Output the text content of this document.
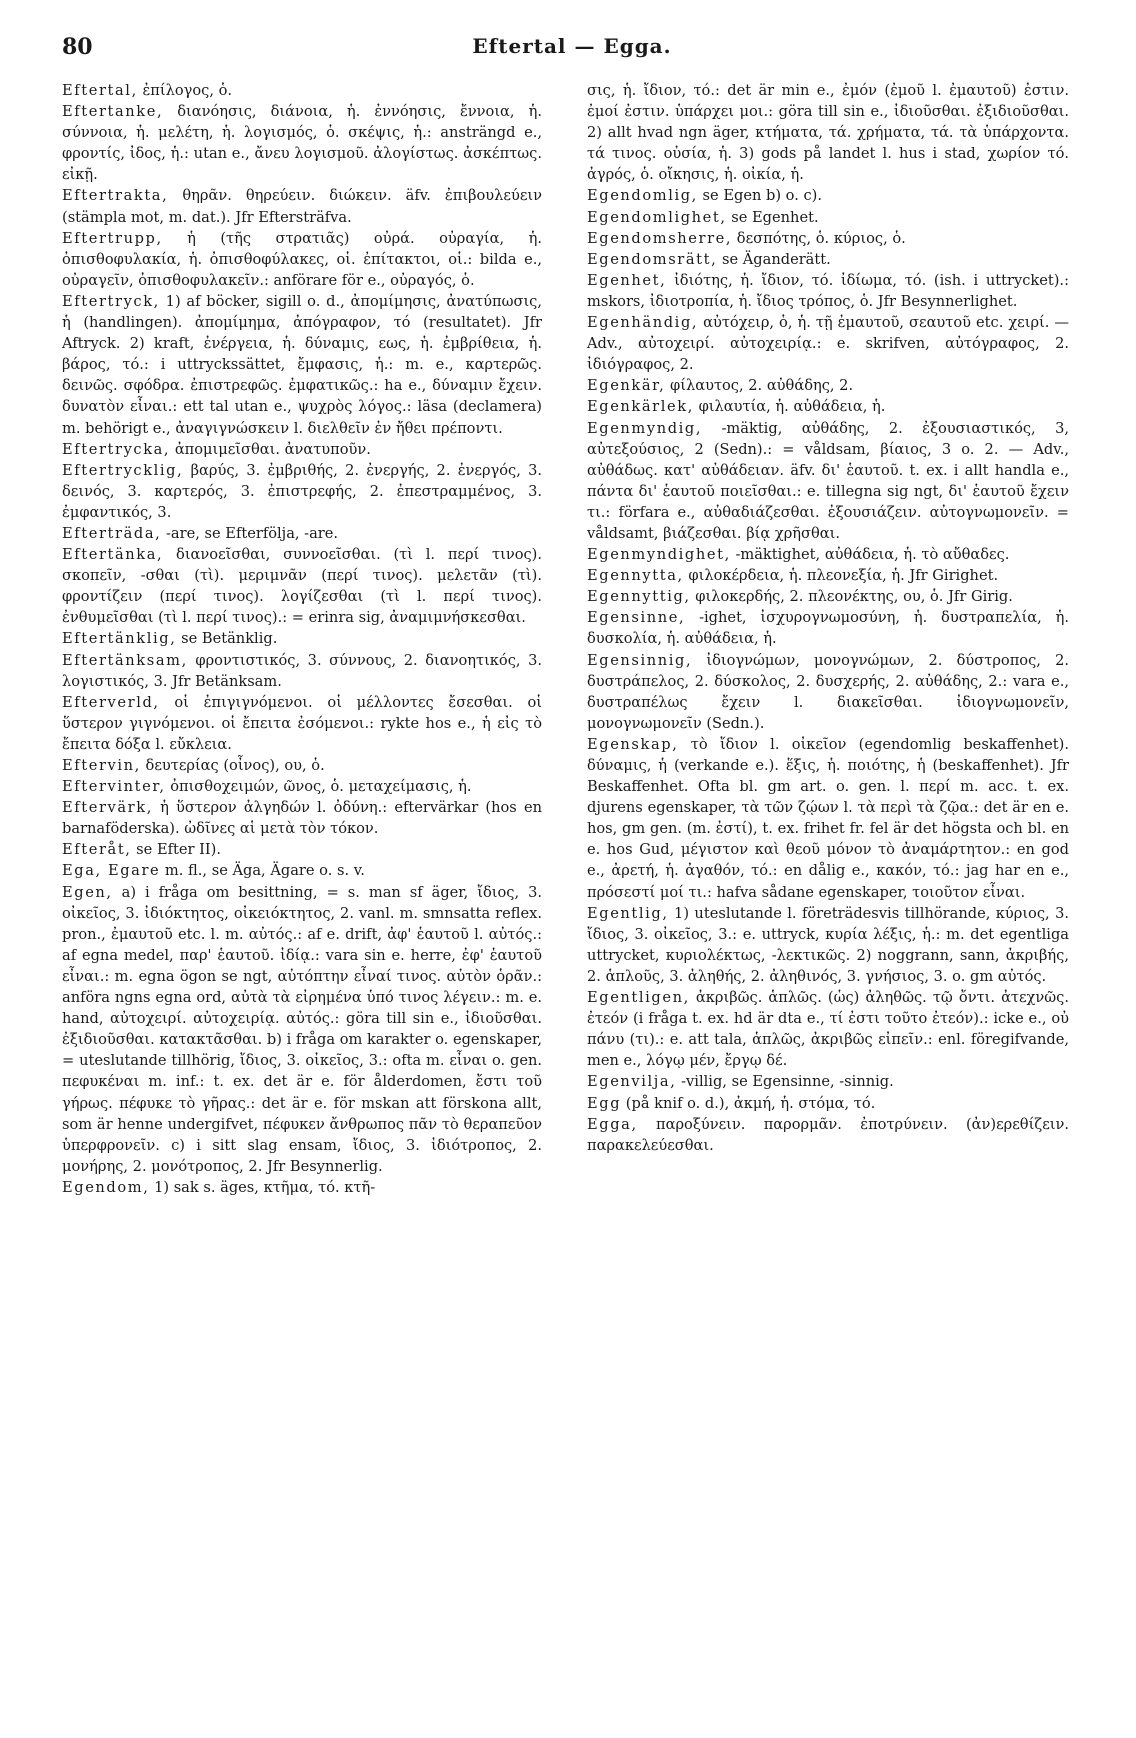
80	Eftertal — Egga.

Eftertal, ἐπίλογος, ὁ.

Eftertanke, διανόησις, διάνοια, ἡ. ἐννόησις, ἔννοια, ἡ. σύννοια, ἡ. μελέτη, ἡ. λογισμός, ὁ. σκέψις, ἡ.: ansträngd e., φροντίς, ἰδος, ἡ.: utan e., ἄνευ λογισμοῦ. ἀλογίστως. ἀσκέπτως. εἰκῇ.

Eftertrakta, θηρᾶν. θηρεύειν. διώκειν. äfv. ἐπιβουλεύειν (stämpla mot, m. dat.). Jfr Eftersträfva.

Eftertrupp, ἡ (τῆς στρατιᾶς) οὐρά. οὐραγία, ἡ. ὀπισθοφυλακία, ἡ. ὀπισθοφύλακες, οἱ. ἐπίτακτοι, οἱ.: bilda e., οὐραγεῖν, ὀπισθοφυλακεῖν.: anförare för e., οὐραγός, ὁ.

Eftertryck, 1) af böcker, sigill o. d., ἀπομίμησις, ἀνατύπωσις, ἡ (handlingen). ἀπομίμημα, ἀπόγραφον, τό (resultatet). Jfr Aftryck. 2) kraft, ἐνέργεια, ἡ. δύναμις, εως, ἡ. ἐμβρίθεια, ἡ. βάρος, τό.: i uttryckssättet, ἔμφασις, ἡ.: m. e., καρτερῶς. δεινῶς. σφόδρα. ἐπιστρεφῶς. ἐμφατικῶς.: ha e., δύναμιν ἔχειν. δυνατὸν εἶναι.: ett tal utan e., ψυχρὸς λόγος.: läsa (declamera) m. behörigt e., ἀναγιγνώσκειν l. διελθεῖν ἐν ἤθει πρέποντι.

Eftertrycka, ἀπομιμεῖσθαι. ἀνατυποῦν.

Eftertrycklig, βαρύς, 3. ἐμβριθής, 2. ἐνεργής, 2. ἐνεργός, 3. δεινός, 3. καρτερός, 3. ἐπιστρεφής, 2. ἐπεστραμμένος, 3. ἐμφαντικός, 3.

Efterträda, -are, se Efterfölja, -are.

Eftertänka, διανοεῖσθαι, συννοεῖσθαι. (τὶ l. περί τινος). σκοπεῖν, -σθαι (τὶ). μεριμνᾶν (περί τινος). μελετᾶν (τὶ). φροντίζειν (περί τινος). λογίζεσθαι (τὶ l. περί τινος). ἐνθυμεῖσθαι (τὶ l. περί τινος).: = erinra sig, ἀναμιμνήσκεσθαι.

Eftertänklig, se Betänklig.

Eftertänksam, φροντιστικός, 3. σύννους, 2. διανοητικός, 3. λογιστικός, 3. Jfr Betänksam.

Efterverld, οἱ ἐπιγιγνόμενοι. οἱ μέλλοντες ἔσεσθαι. οἱ ὕστερον γιγνόμενοι. οἱ ἔπειτα ἐσόμενοι.: rykte hos e., ἡ εἰς τὸ ἔπειτα δόξα l. εὔκλεια.

Eftervin, δευτερίας (οἶνος), ου, ὁ.

Eftervinter, ὀπισθοχειμών, ῶνος, ὁ. μεταχείμασις, ἡ.

Eftervärk, ἡ ὕστερον ἀλγηδών l. ὀδύνη.: eftervärkar (hos en barnaföderska). ὠδῖνες αἱ μετὰ τὸν τόκον.

Efteråt, se Efter II).

Ega, Egare m. fl., se Äga, Ägare o. s. v.

Egen, a) i fråga om besittning, = s. man sf äger, ἴδιος, 3. οἰκεῖος, 3. ἰδιόκτητος, οἰκειόκτητος, 2. vanl. m. smnsatta reflex. pron., ἐμαυτοῦ etc. l. m. αὐτός.: af e. drift, ἀφ' ἑαυτοῦ l. αὐτός.: af egna medel, παρ' ἑαυτοῦ. ἰδίᾳ.: vara sin e. herre, ἐφ' ἑαυτοῦ εἶναι.: m. egna ögon se ngt, αὐτόπτην εἶναί τινος. αὐτὸν ὁρᾶν.: anföra ngns egna ord, αὐτὰ τὰ εἰρημένα ὑπό τινος λέγειν.: m. e. hand, αὐτοχειρί. αὐτοχειρίᾳ. αὐτός.: göra till sin e., ἰδιοῦσθαι. ἐξιδιοῦσθαι. κατακτᾶσθαι. b) i fråga om karakter o. egenskaper, = uteslutande tillhörig, ἴδιος, 3. οἰκεῖος, 3.: ofta m. εἶναι o. gen. πεφυκέναι m. inf.: t. ex. det är e. för ålderdomen, ἔστι τοῦ γήρως. πέφυκε τὸ γῆρας.: det är e. för mskan att förskona allt, som är henne undergifvet, πέφυκεν ἄνθρωπος πᾶν τὸ θεραπεῦον ὑπερφρονεῖν. c) i sitt slag ensam, ἴδιος, 3. ἰδιότροπος, 2. μονήρης, 2. μονότροπος, 2. Jfr Besynnerlig.

Egendom, 1) sak s. äges, κτῆμα, τό. κτῆ-

σις, ἡ. ἴδιον, τό.: det är min e., ἐμόν (ἐμοῦ l. ἐμαυτοῦ) ἐστιν. ἐμοί ἐστιν. ὑπάρχει μοι.: göra till sin e., ἰδιοῦσθαι. ἐξιδιοῦσθαι. 2) allt hvad ngn äger, κτήματα, τά. χρήματα, τά. τὰ ὑπάρχοντα. τά τινος. οὐσία, ἡ. 3) gods på landet l. hus i stad, χωρίον τό. ἀγρός, ὁ. οἴκησις, ἡ. οἰκία, ἡ.

Egendomlig, se Egen b) o. c).

Egendomlighet, se Egenhet.

Egendomsherre, δεσπότης, ὁ. κύριος, ὁ.

Egendomsrätt, se Äganderätt.

Egenhet, ἰδιότης, ἡ. ἴδιον, τό. ἰδίωμα, τό. (ish. i uttrycket).: mskors, ἰδιοτροπία, ἡ. ἴδιος τρόπος, ὁ. Jfr Besynnerlighet.

Egenhändig, αὐτόχειρ, ὁ, ἡ. τῇ ἐμαυτοῦ, σεαυτοῦ etc. χειρί. — Adv., αὐτοχειρί. αὐτοχειρίᾳ.: e. skrifven, αὐτόγραφος, 2. ἰδιόγραφος, 2.

Egenkär, φίλαυτος, 2. αὐθάδης, 2.

Egenkärlek, φιλαυτία, ἡ. αὐθάδεια, ἡ.

Egenmyndig, -mäktig, αὐθάδης, 2. ἐξουσιαστικός, 3, αὐτεξούσιος, 2 (Sedn).: = våldsam, βίαιος, 3 o. 2. — Adv., αὐθάδως. κατ' αὐθάδειαν. äfv. δι' ἑαυτοῦ. t. ex. i allt handla e., πάντα δι' ἑαυτοῦ ποιεῖσθαι.: e. tillegna sig ngt, δι' ἑαυτοῦ ἔχειν τι.: förfara e., αὐθαδιάζεσθαι. ἐξουσιάζειν. αὐτογνωμονεῖν. = våldsamt, βιάζεσθαι. βίᾳ χρῆσθαι.

Egenmyndighet, -mäktighet, αὐθάδεια, ἡ. τὸ αὔθαδες.

Egennytta, φιλοκέρδεια, ἡ. πλεονεξία, ἡ. Jfr Girighet.

Egennyttig, φιλοκερδής, 2. πλεονέκτης, ου, ὁ. Jfr Girig.

Egensinne, -ighet, ἰσχυρογνωμοσύνη, ἡ. δυστραπελία, ἡ. δυσκολία, ἡ. αὐθάδεια, ἡ.

Egensinnig, ἰδιογνώμων, μονογνώμων, 2. δύστροπος, 2. δυστράπελος, 2. δύσκολος, 2. δυσχερής, 2. αὐθάδης, 2.: vara e., δυστραπέλως ἔχειν l. διακεῖσθαι. ἰδιογνωμονεῖν, μονογνωμονεῖν (Sedn.).

Egenskap, τὸ ἴδιον l. οἰκεῖον (egendomlig beskaffenhet). δύναμις, ἡ (verkande e.). ἕξις, ἡ. ποιότης, ἡ (beskaffenhet). Jfr Beskaffenhet. Ofta bl. gm art. o. gen. l. περί m. acc. t. ex. djurens egenskaper, τὰ τῶν ζῴων l. τὰ περὶ τὰ ζῷα.: det är en e. hos, gm gen. (m. ἐστί), t. ex. frihet fr. fel är det högsta och bl. en e. hos Gud, μέγιστον καὶ θεοῦ μόνον τὸ ἀναμάρτητον.: en god e., ἀρετή, ἡ. ἀγαθόν, τό.: en dålig e., κακόν, τό.: jag har en e., πρόσεστί μοί τι.: hafva sådane egenskaper, τοιοῦτον εἶναι.

Egentlig, 1) uteslutande l. företrädesvis tillhörande, κύριος, 3. ἴδιος, 3. οἰκεῖος, 3.: e. uttryck, κυρία λέξις, ἡ.: m. det egentliga uttrycket, κυριολέκτως, -λεκτικῶς. 2) noggrann, sann, ἀκριβής, 2. ἁπλοῦς, 3. ἀληθής, 2. ἀληθινός, 3. γνήσιος, 3. o. gm αὐτός.

Egentligen, ἀκριβῶς. ἁπλῶς. (ὡς) ἀληθῶς. τῷ ὄντι. ἀτεχνῶς. ἐτεόν (i fråga t. ex. hd är dta e., τί ἐστι τοῦτο ἐτεόν).: icke e., οὐ πάνυ (τι).: e. att tala, ἁπλῶς, ἀκριβῶς εἰπεῖν.: enl. föregifvande, men e., λόγῳ μέν, ἔργῳ δέ.

Egenvilja, -villig, se Egensinne, -sinnig.

Egg (på knif o. d.), ἀκμή, ἡ. στόμα, τό.

Egga, παροξύνειν. παρορμᾶν. ἐποτρύνειν. (ἀν)ερεθίζειν. παρακελεύεσθαι.
